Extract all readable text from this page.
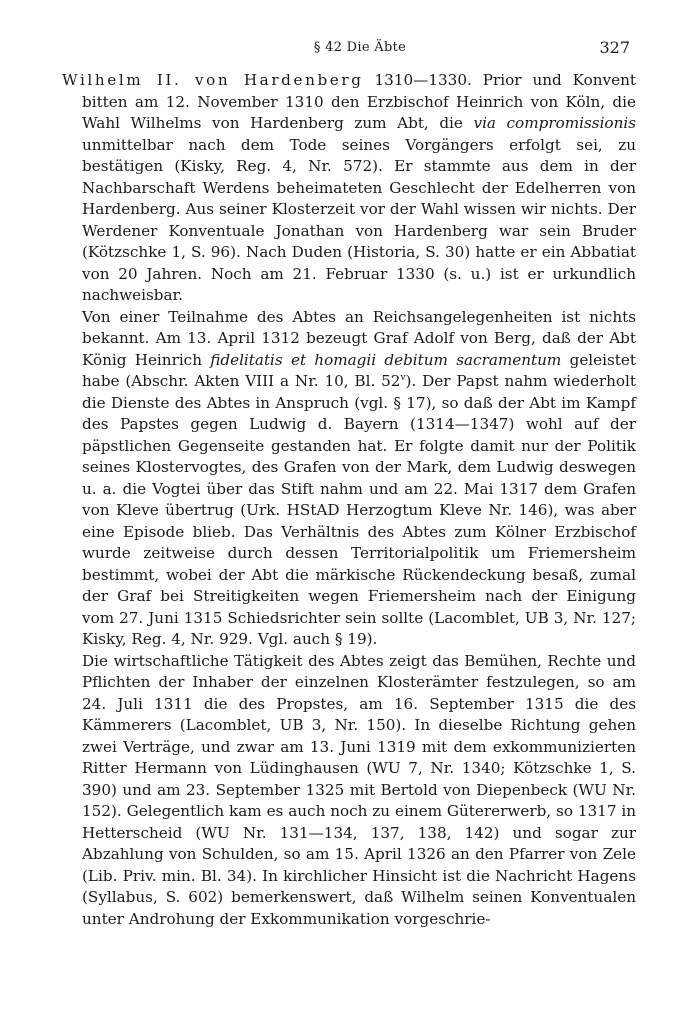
§ 42 Die Äbte	327

Wilhelm II. von Hardenberg 1310—1330. Prior und Konvent bitten am 12. November 1310 den Erzbischof Heinrich von Köln, die Wahl Wilhelms von Hardenberg zum Abt, die via compromissionis unmittelbar nach dem Tode seines Vorgängers erfolgt sei, zu bestätigen (Kisky, Reg. 4, Nr. 572). Er stammte aus dem in der Nachbarschaft Werdens beheimateten Geschlecht der Edelherren von Hardenberg. Aus seiner Klosterzeit vor der Wahl wissen wir nichts. Der Werdener Konventuale Jonathan von Hardenberg war sein Bruder (Kötzschke 1, S. 96). Nach Duden (Historia, S. 30) hatte er ein Abbatiat von 20 Jahren. Noch am 21. Februar 1330 (s. u.) ist er urkundlich nachweisbar.

Von einer Teilnahme des Abtes an Reichsangelegenheiten ist nichts bekannt. Am 13. April 1312 bezeugt Graf Adolf von Berg, daß der Abt König Heinrich fidelitatis et homagii debitum sacramentum geleistet habe (Abschr. Akten VIII a Nr. 10, Bl. 52$^v$). Der Papst nahm wiederholt die Dienste des Abtes in Anspruch (vgl. § 17), so daß der Abt im Kampf des Papstes gegen Ludwig d. Bayern (1314—1347) wohl auf der päpstlichen Gegenseite gestanden hat. Er folgte damit nur der Politik seines Klostervogtes, des Grafen von der Mark, dem Ludwig deswegen u. a. die Vogtei über das Stift nahm und am 22. Mai 1317 dem Grafen von Kleve übertrug (Urk. HStAD Herzogtum Kleve Nr. 146), was aber eine Episode blieb. Das Verhältnis des Abtes zum Kölner Erzbischof wurde zeitweise durch dessen Territorialpolitik um Friemersheim bestimmt, wobei der Abt die märkische Rückendeckung besaß, zumal der Graf bei Streitigkeiten wegen Friemersheim nach der Einigung vom 27. Juni 1315 Schiedsrichter sein sollte (Lacomblet, UB 3, Nr. 127; Kisky, Reg. 4, Nr. 929. Vgl. auch § 19).

Die wirtschaftliche Tätigkeit des Abtes zeigt das Bemühen, Rechte und Pflichten der Inhaber der einzelnen Klosterämter festzulegen, so am 24. Juli 1311 die des Propstes, am 16. September 1315 die des Kämmerers (Lacomblet, UB 3, Nr. 150). In dieselbe Richtung gehen zwei Verträge, und zwar am 13. Juni 1319 mit dem exkommunizierten Ritter Hermann von Lüdinghausen (WU 7, Nr. 1340; Kötzschke 1, S. 390) und am 23. September 1325 mit Bertold von Diepenbeck (WU Nr. 152). Gelegentlich kam es auch noch zu einem Gütererwerb, so 1317 in Hetterscheid (WU Nr. 131—134, 137, 138, 142) und sogar zur Abzahlung von Schulden, so am 15. April 1326 an den Pfarrer von Zele (Lib. Priv. min. Bl. 34). In kirchlicher Hinsicht ist die Nachricht Hagens (Syllabus, S. 602) bemerkenswert, daß Wilhelm seinen Konventualen unter Androhung der Exkommunikation vorgeschrie-
